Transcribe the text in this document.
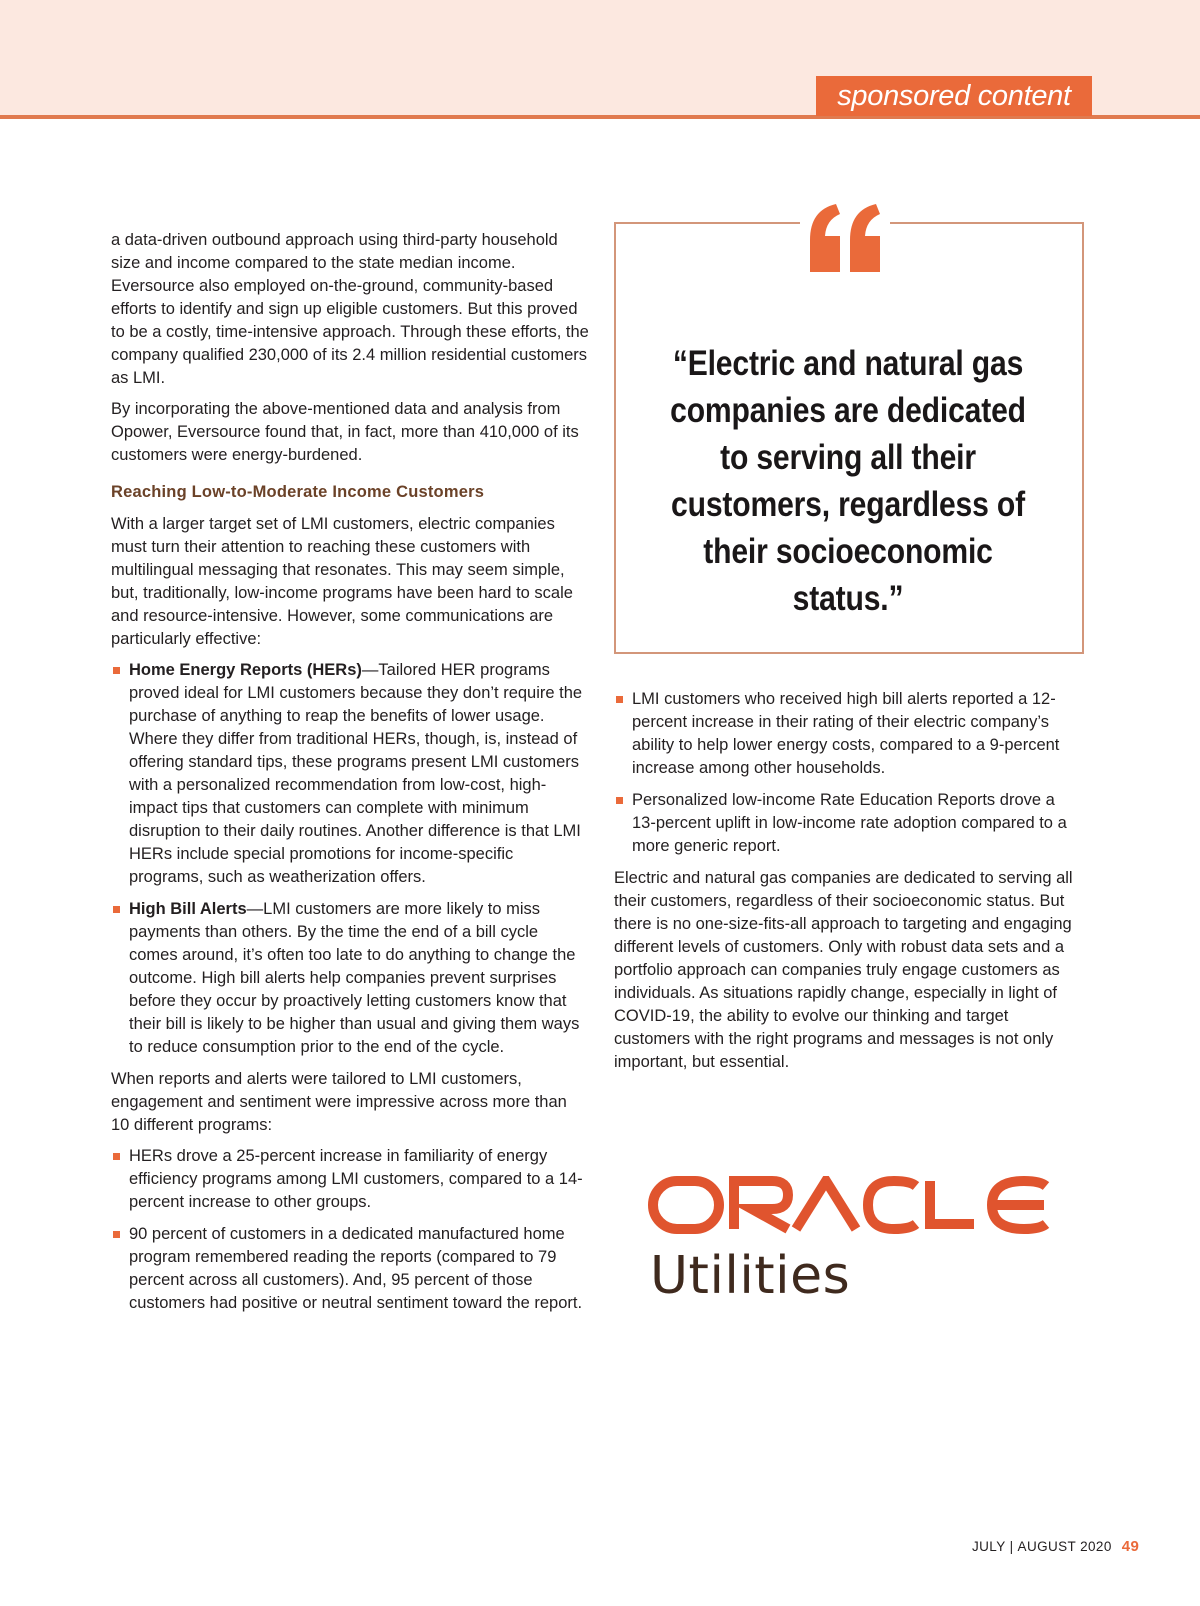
sponsored content

a data-driven outbound approach using third-party household size and income compared to the state median income. Eversource also employed on-the-ground, community-based efforts to identify and sign up eligible customers. But this proved to be a costly, time-intensive approach. Through these efforts, the company qualified 230,000 of its 2.4 million residential customers as LMI.

By incorporating the above-mentioned data and analysis from Opower, Eversource found that, in fact, more than 410,000 of its customers were energy-burdened.

Reaching Low-to-Moderate Income Customers

With a larger target set of LMI customers, electric companies must turn their attention to reaching these customers with multilingual messaging that resonates. This may seem simple, but, traditionally, low-income programs have been hard to scale and resource-intensive. However, some communications are particularly effective:

Home Energy Reports (HERs)—Tailored HER programs proved ideal for LMI customers because they don’t require the purchase of anything to reap the benefits of lower usage. Where they differ from traditional HERs, though, is, instead of offering standard tips, these programs present LMI customers with a personalized recommendation from low-cost, high-impact tips that customers can complete with minimum disruption to their daily routines. Another difference is that LMI HERs include special promotions for income-specific programs, such as weatherization offers.
High Bill Alerts—LMI customers are more likely to miss payments than others. By the time the end of a bill cycle comes around, it’s often too late to do anything to change the outcome. High bill alerts help companies prevent surprises before they occur by proactively letting customers know that their bill is likely to be higher than usual and giving them ways to reduce consumption prior to the end of the cycle.

When reports and alerts were tailored to LMI customers, engagement and sentiment were impressive across more than 10 different programs:

HERs drove a 25-percent increase in familiarity of energy efficiency programs among LMI customers, compared to a 14-percent increase to other groups.
90 percent of customers in a dedicated manufactured home program remembered reading the reports (compared to 79 percent across all customers). And, 95 percent of those customers had positive or neutral sentiment toward the report.
“Electric and natural gas companies are dedicated to serving all their customers, regardless of their socioeconomic status.”
LMI customers who received high bill alerts reported a 12-percent increase in their rating of their electric company’s ability to help lower energy costs, compared to a 9-percent increase among other households.
Personalized low-income Rate Education Reports drove a 13-percent uplift in low-income rate adoption compared to a more generic report.

Electric and natural gas companies are dedicated to serving all their customers, regardless of their socioeconomic status. But there is no one-size-fits-all approach to targeting and engaging different levels of customers. Only with robust data sets and a portfolio approach can companies truly engage customers as individuals. As situations rapidly change, especially in light of COVID-19, the ability to evolve our thinking and target customers with the right programs and messages is not only important, but essential.

Utilities
JULY | AUGUST 2020 49
